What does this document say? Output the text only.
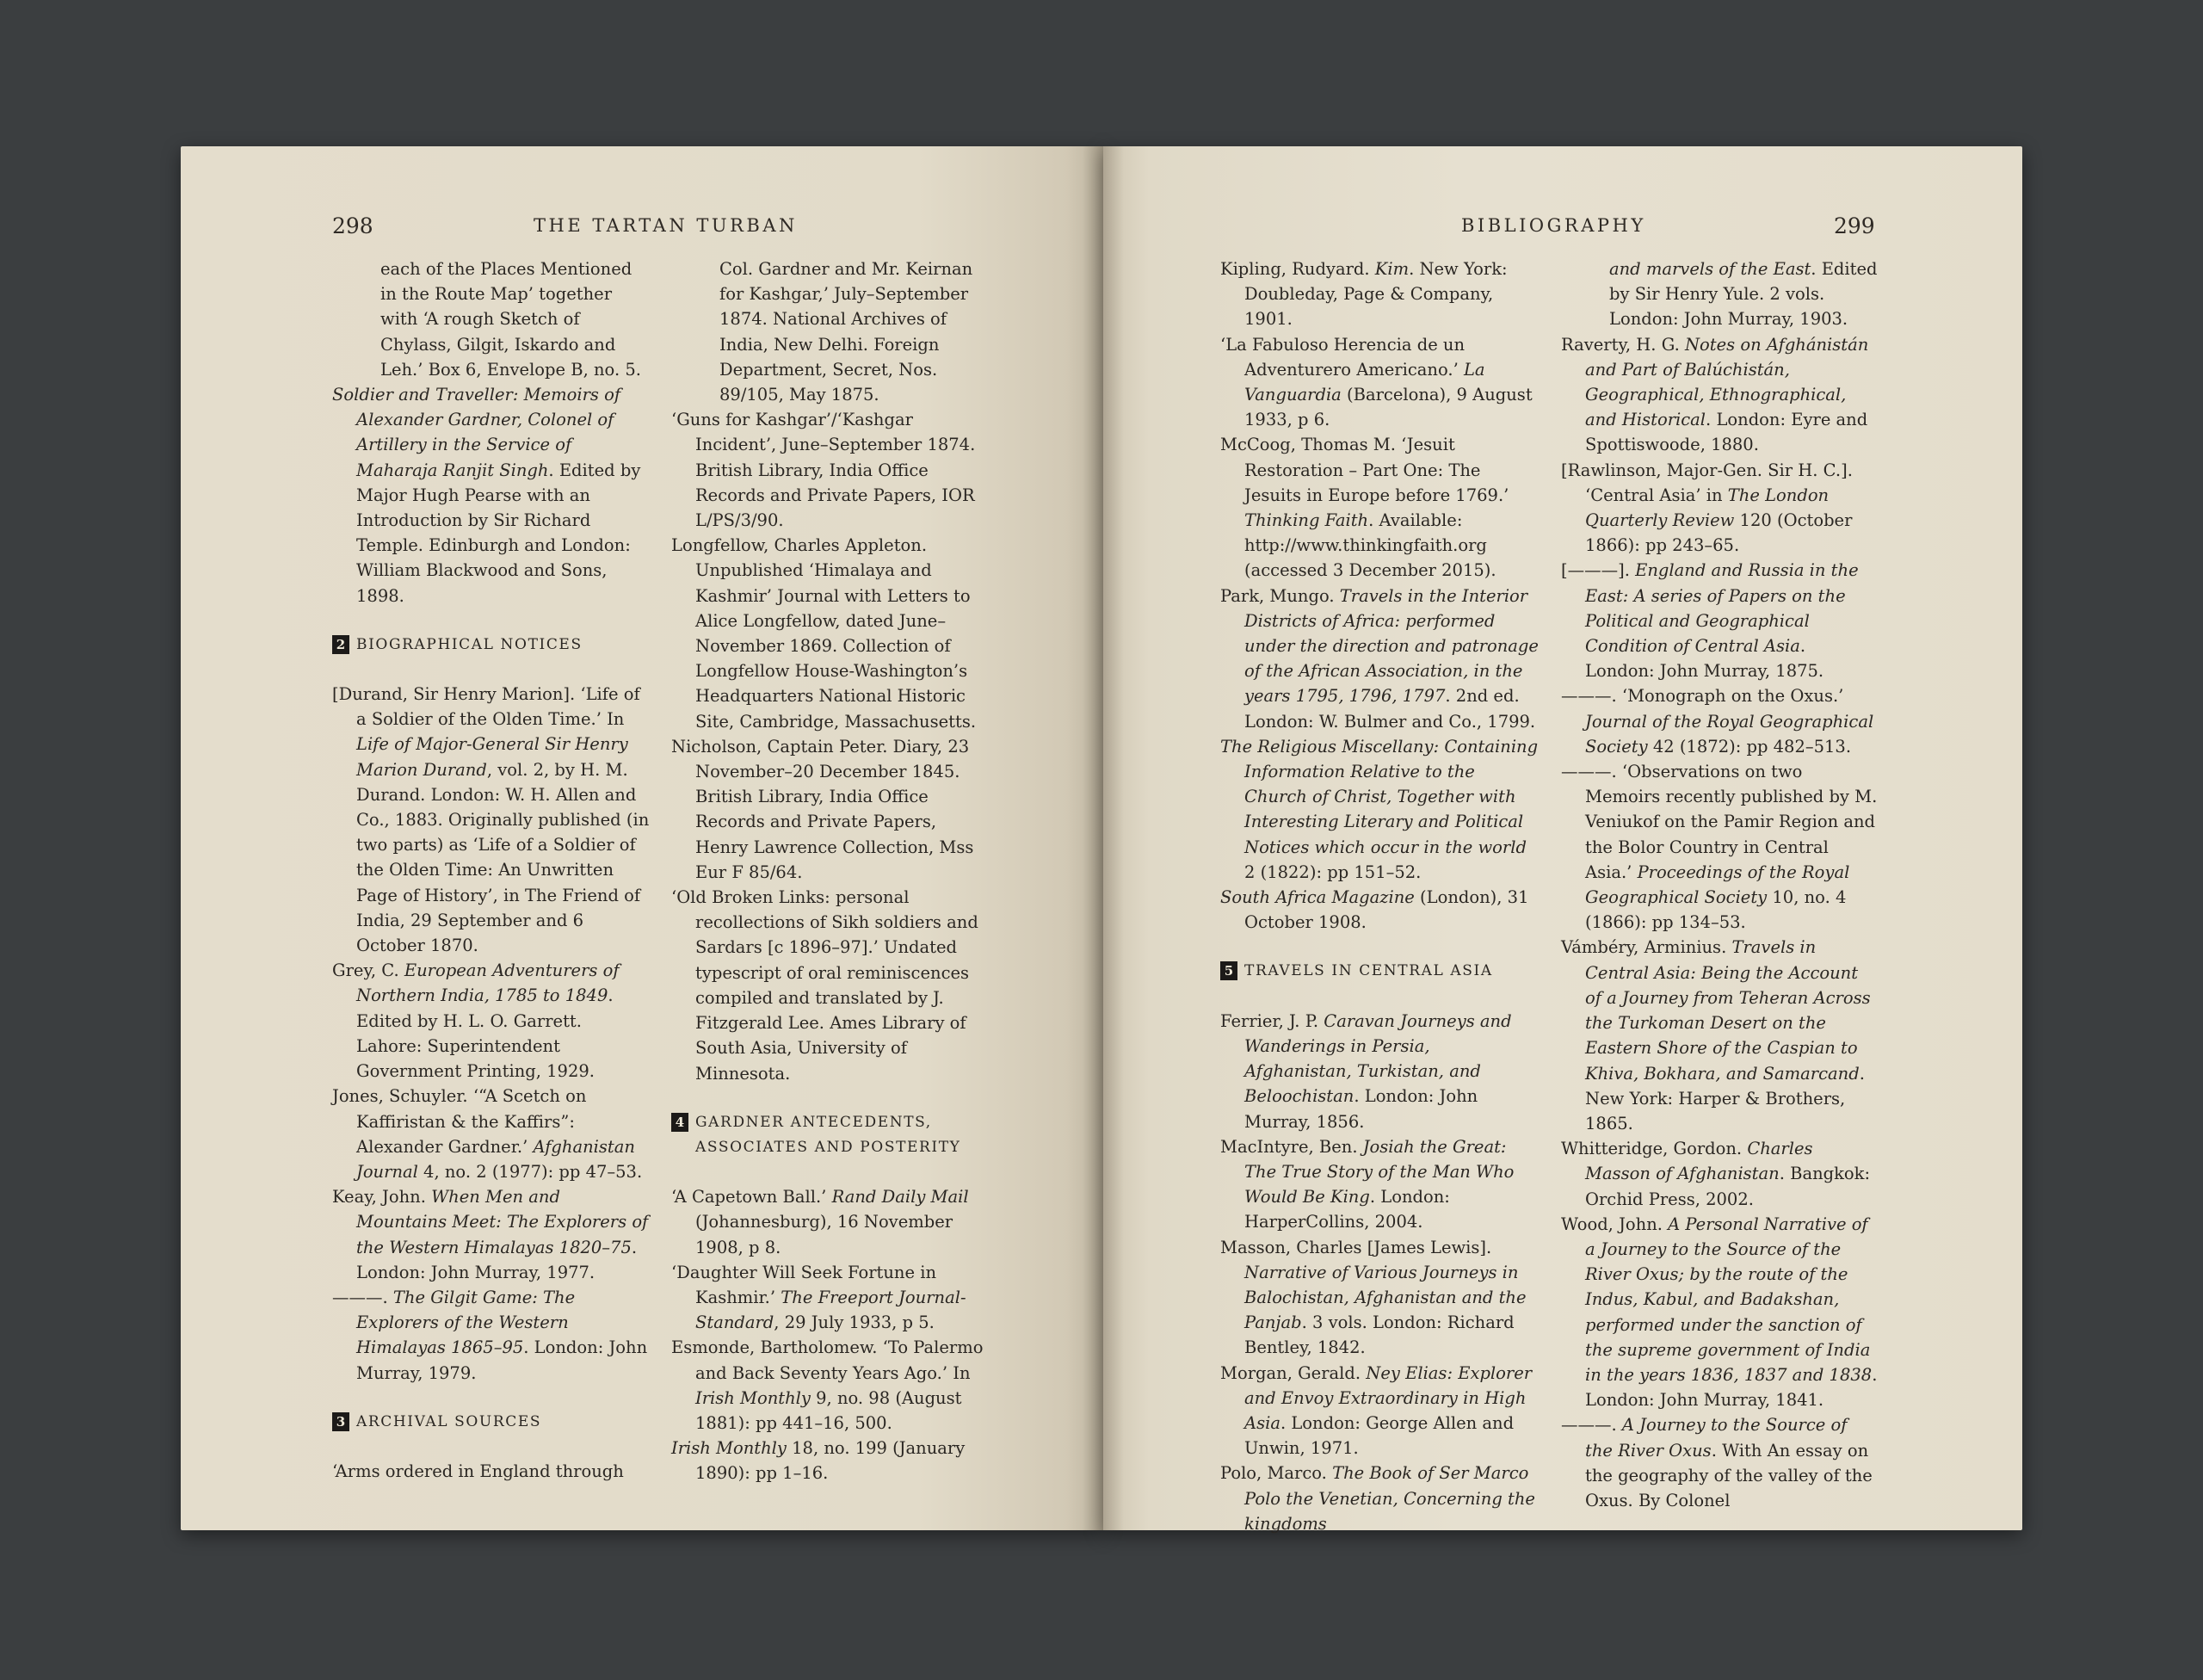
298	THE TARTAN TURBAN
each of the Places Mentioned in the Route Map’ together with ‘A rough Sketch of Chylass, Gilgit, Iskardo and Leh.’ Box 6, Envelope B, no. 5.
Soldier and Traveller: Memoirs of Alexander Gardner, Colonel of Artillery in the Service of Maharaja Ranjit Singh. Edited by Major Hugh Pearse with an Introduction by Sir Richard Temple. Edinburgh and London: William Blackwood and Sons, 1898.
2 BIOGRAPHICAL NOTICES
[Durand, Sir Henry Marion]. ‘Life of a Soldier of the Olden Time.’ In Life of Major-General Sir Henry Marion Durand, vol. 2, by H. M. Durand. London: W. H. Allen and Co., 1883. Originally published (in two parts) as ‘Life of a Soldier of the Olden Time: An Unwritten Page of History’, in The Friend of India, 29 September and 6 October 1870.
Grey, C. European Adventurers of Northern India, 1785 to 1849. Edited by H. L. O. Garrett. Lahore: Superintendent Government Printing, 1929.
Jones, Schuyler. ‘“A Scetch on Kaffiristan & the Kaffirs”: Alexander Gardner.’ Afghanistan Journal 4, no. 2 (1977): pp 47–53.
Keay, John. When Men and Mountains Meet: The Explorers of the Western Himalayas 1820–75. London: John Murray, 1977.
———. The Gilgit Game: The Explorers of the Western Himalayas 1865–95. London: John Murray, 1979.
3 ARCHIVAL SOURCES
‘Arms ordered in England through
Col. Gardner and Mr. Keirnan for Kashgar,’ July–September 1874. National Archives of India, New Delhi. Foreign Department, Secret, Nos. 89/105, May 1875.
‘Guns for Kashgar’/‘Kashgar Incident’, June–September 1874. British Library, India Office Records and Private Papers, IOR L/PS/3/90.
Longfellow, Charles Appleton. Unpublished ‘Himalaya and Kashmir’ Journal with Letters to Alice Longfellow, dated June–November 1869. Collection of Longfellow House-Washington’s Headquarters National Historic Site, Cambridge, Massachusetts.
Nicholson, Captain Peter. Diary, 23 November–20 December 1845. British Library, India Office Records and Private Papers, Henry Lawrence Collection, Mss Eur F 85/64.
‘Old Broken Links: personal recollections of Sikh soldiers and Sardars [c 1896–97].’ Undated typescript of oral reminiscences compiled and translated by J. Fitzgerald Lee. Ames Library of South Asia, University of Minnesota.
4 GARDNER ANTECEDENTS, ASSOCIATES AND POSTERITY
‘A Capetown Ball.’ Rand Daily Mail (Johannesburg), 16 November 1908, p 8.
‘Daughter Will Seek Fortune in Kashmir.’ The Freeport Journal-Standard, 29 July 1933, p 5.
Esmonde, Bartholomew. ‘To Palermo and Back Seventy Years Ago.’ In Irish Monthly 9, no. 98 (August 1881): pp 441–16, 500.
Irish Monthly 18, no. 199 (January 1890): pp 1–16.
BIBLIOGRAPHY	299
Kipling, Rudyard. Kim. New York: Doubleday, Page & Company, 1901.
‘La Fabuloso Herencia de un Adventurero Americano.’ La Vanguardia (Barcelona), 9 August 1933, p 6.
McCoog, Thomas M. ‘Jesuit Restoration – Part One: The Jesuits in Europe before 1769.’ Thinking Faith. Available: http://www.thinkingfaith.org (accessed 3 December 2015).
Park, Mungo. Travels in the Interior Districts of Africa: performed under the direction and patronage of the African Association, in the years 1795, 1796, 1797. 2nd ed. London: W. Bulmer and Co., 1799.
The Religious Miscellany: Containing Information Relative to the Church of Christ, Together with Interesting Literary and Political Notices which occur in the world 2 (1822): pp 151–52.
South Africa Magazine (London), 31 October 1908.
5 TRAVELS IN CENTRAL ASIA
Ferrier, J. P. Caravan Journeys and Wanderings in Persia, Afghanistan, Turkistan, and Beloochistan. London: John Murray, 1856.
MacIntyre, Ben. Josiah the Great: The True Story of the Man Who Would Be King. London: HarperCollins, 2004.
Masson, Charles [James Lewis]. Narrative of Various Journeys in Balochistan, Afghanistan and the Panjab. 3 vols. London: Richard Bentley, 1842.
Morgan, Gerald. Ney Elias: Explorer and Envoy Extraordinary in High Asia. London: George Allen and Unwin, 1971.
Polo, Marco. The Book of Ser Marco Polo the Venetian, Concerning the kingdoms
and marvels of the East. Edited by Sir Henry Yule. 2 vols. London: John Murray, 1903.
Raverty, H. G. Notes on Afghánistán and Part of Balúchistán, Geographical, Ethnographical, and Historical. London: Eyre and Spottiswoode, 1880.
[Rawlinson, Major-Gen. Sir H. C.]. ‘Central Asia’ in The London Quarterly Review 120 (October 1866): pp 243–65.
[———]. England and Russia in the East: A series of Papers on the Political and Geographical Condition of Central Asia. London: John Murray, 1875.
———. ‘Monograph on the Oxus.’ Journal of the Royal Geographical Society 42 (1872): pp 482–513.
———. ‘Observations on two Memoirs recently published by M. Veniukof on the Pamir Region and the Bolor Country in Central Asia.’ Proceedings of the Royal Geographical Society 10, no. 4 (1866): pp 134–53.
Vámbéry, Arminius. Travels in Central Asia: Being the Account of a Journey from Teheran Across the Turkoman Desert on the Eastern Shore of the Caspian to Khiva, Bokhara, and Samarcand. New York: Harper & Brothers, 1865.
Whitteridge, Gordon. Charles Masson of Afghanistan. Bangkok: Orchid Press, 2002.
Wood, John. A Personal Narrative of a Journey to the Source of the River Oxus; by the route of the Indus, Kabul, and Badakshan, performed under the sanction of the supreme government of India in the years 1836, 1837 and 1838. London: John Murray, 1841.
———. A Journey to the Source of the River Oxus. With An essay on the geography of the valley of the Oxus. By Colonel
